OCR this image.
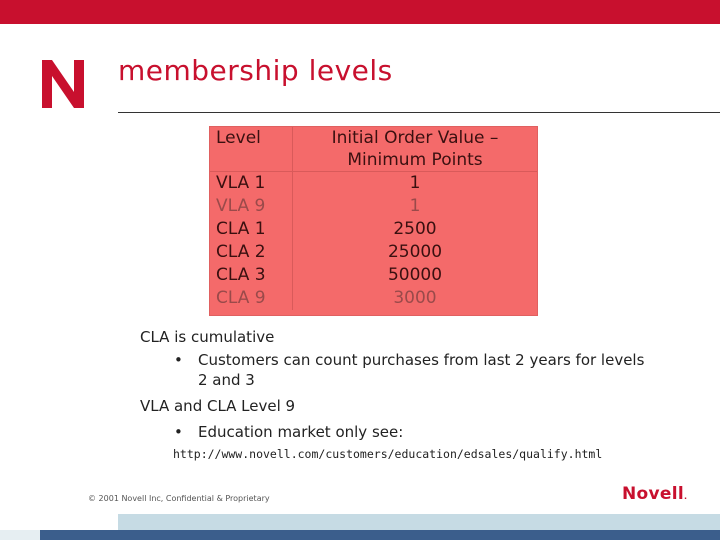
membership levels
Level	Initial Order Value – Minimum Points
VLA 1	1
VLA 9	1
CLA 1	2500
CLA 2	25000
CLA 3	50000
CLA 9	3000
CLA is cumulative
• Customers can count purchases from last 2 years for levels 2 and 3
VLA and CLA Level 9
• Education market only see:
http://www.novell.com/customers/education/edsales/qualify.html
© 2001 Novell Inc, Confidential & Proprietary	Novell.
